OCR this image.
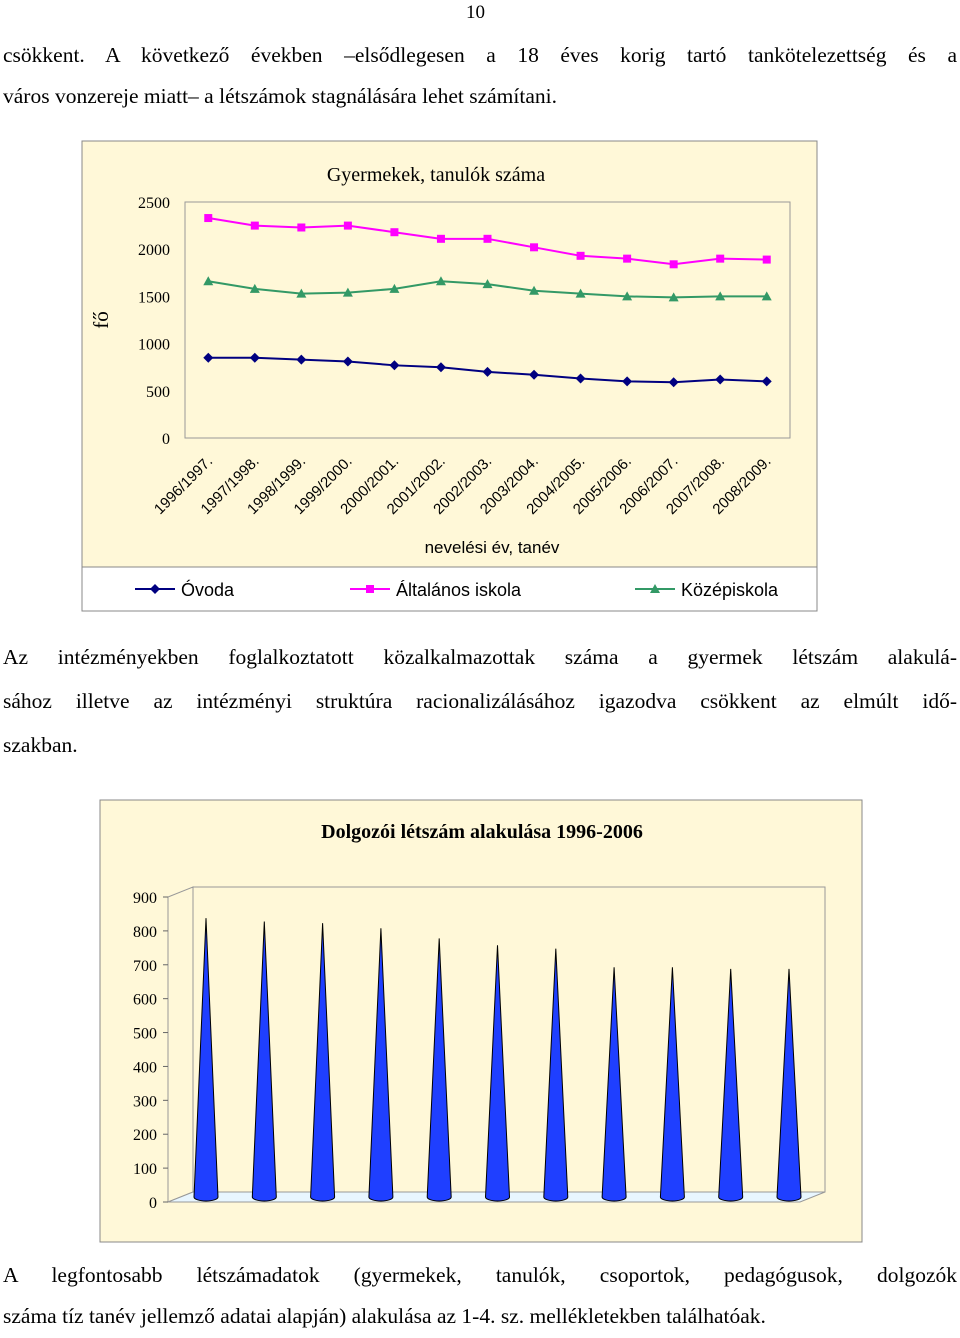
10
csökkent. A következő években –elsődlegesen a 18 éves korig tartó tankötelezettség és a
város vonzereje miatt– a létszámok stagnálására lehet számítani.
Gyermekek, tanulók száma
fő
nevelési év, tanév
0
500
1000
1500
2000
2500
1996/1997.
1997/1998.
1998/1999.
1999/2000.
2000/2001.
2001/2002.
2002/2003.
2003/2004.
2004/2005.
2005/2006.
2006/2007.
2007/2008.
2008/2009.
Óvoda	Általános iskola	Középiskola
Az intézményekben foglalkoztatott közalkalmazottak száma a gyermek létszám alakulá-
sához illetve az intézményi struktúra racionalizálásához igazodva csökkent az elmúlt idő-
szakban.
Dolgozói létszám alakulása 1996-2006
0
100
200
300
400
500
600
700
800
900
A legfontosabb létszámadatok (gyermekek, tanulók, csoportok, pedagógusok, dolgozók
száma tíz tanév jellemző adatai alapján) alakulása az 1-4. sz. mellékletekben találhatóak.
